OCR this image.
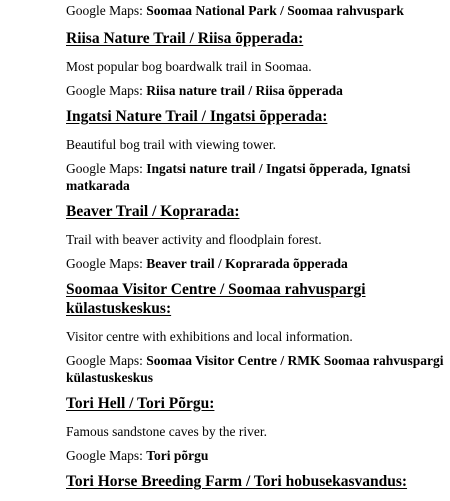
Google Maps: Soomaa National Park / Soomaa rahvuspark

Riisa Nature Trail / Riisa õpperada:

Most popular bog boardwalk trail in Soomaa.

Google Maps: Riisa nature trail / Riisa õpperada

Ingatsi Nature Trail / Ingatsi õpperada:

Beautiful bog trail with viewing tower.

Google Maps: Ingatsi nature trail / Ingatsi õpperada, Ignatsi matkarada

Beaver Trail / Koprarada:

Trail with beaver activity and floodplain forest.

Google Maps: Beaver trail / Koprarada õpperada

Soomaa Visitor Centre / Soomaa rahvuspargi külastuskeskus:

Visitor centre with exhibitions and local information.

Google Maps: Soomaa Visitor Centre / RMK Soomaa rahvuspargi külastuskeskus

Tori Hell / Tori Põrgu:

Famous sandstone caves by the river.

Google Maps: Tori põrgu

Tori Horse Breeding Farm / Tori hobusekasvandus:
